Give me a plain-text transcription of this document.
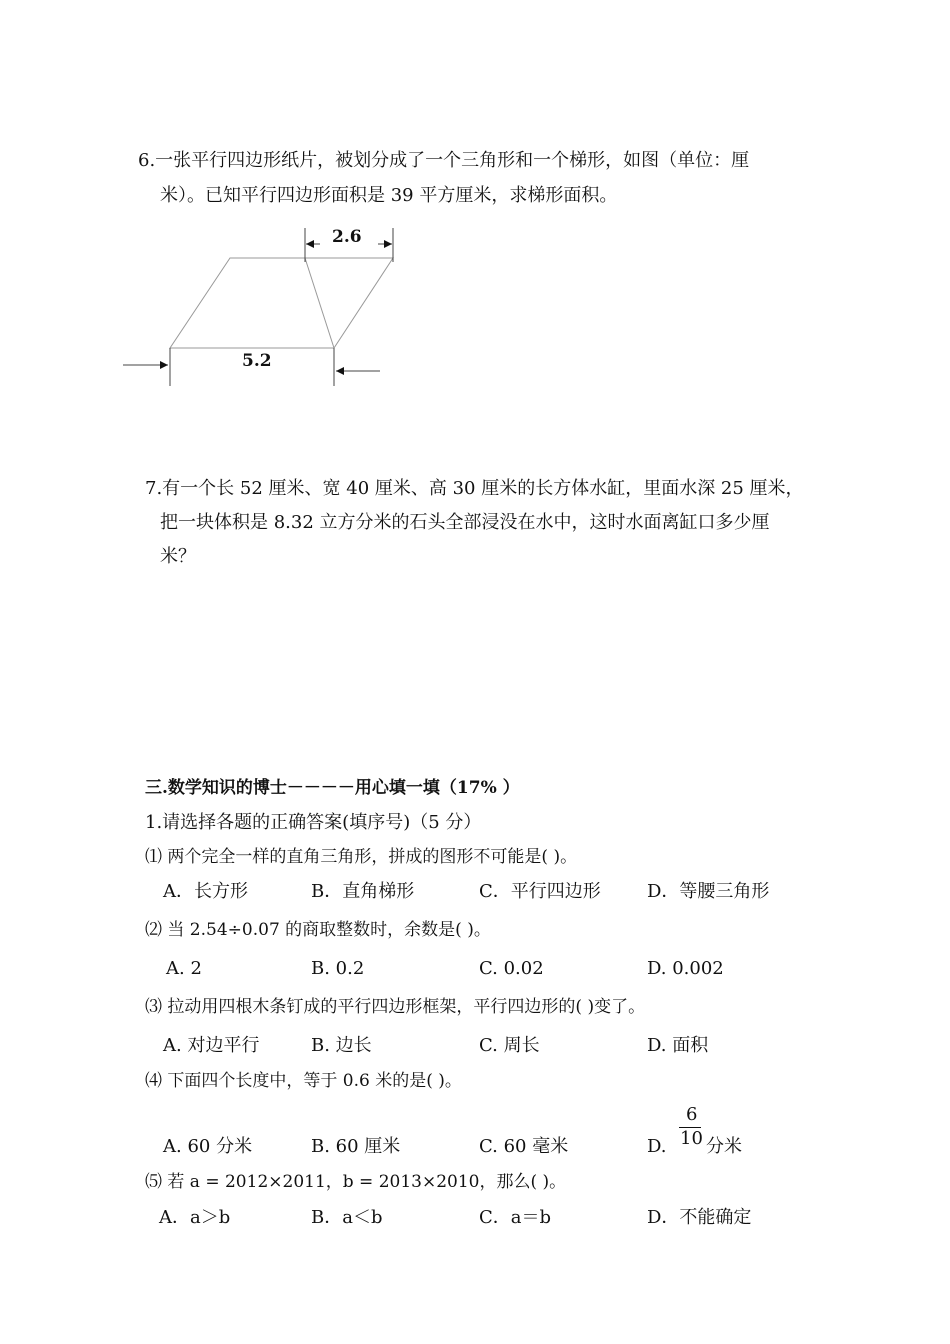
6.一张平行四边形纸片，被划分成了一个三角形和一个梯形，如图（单位：厘
米）。已知平行四边形面积是 39 平方厘米，求梯形面积。
2.6
5.2
7.有一个长 52 厘米、宽 40 厘米、高 30 厘米的长方体水缸，里面水深 25 厘米，
把一块体积是 8.32 立方分米的石头全部浸没在水中，这时水面离缸口多少厘
米？
三.数学知识的博士－－－－用心填一填（17% ）
1.请选择各题的正确答案(填序号)（5 分）
⑴ 两个完全一样的直角三角形，拼成的图形不可能是( )。
A．长方形	B．直角梯形	C．平行四边形	D．等腰三角形
⑵ 当 2.54÷0.07 的商取整数时，余数是( )。
A. 2	B. 0.2	C. 0.02	D. 0.002
⑶ 拉动用四根木条钉成的平行四边形框架，平行四边形的( )变了。
A. 对边平行	B. 边长	C. 周长	D. 面积
⑷ 下面四个长度中，等于 0.6 米的是( )。
A. 60 分米	B. 60 厘米	C. 60 毫米	D.
6
10 分米
⑸ 若 a = 2012×2011，b = 2013×2010，那么( )。
A．a＞b	B．a＜b	C．a＝b	D．不能确定
